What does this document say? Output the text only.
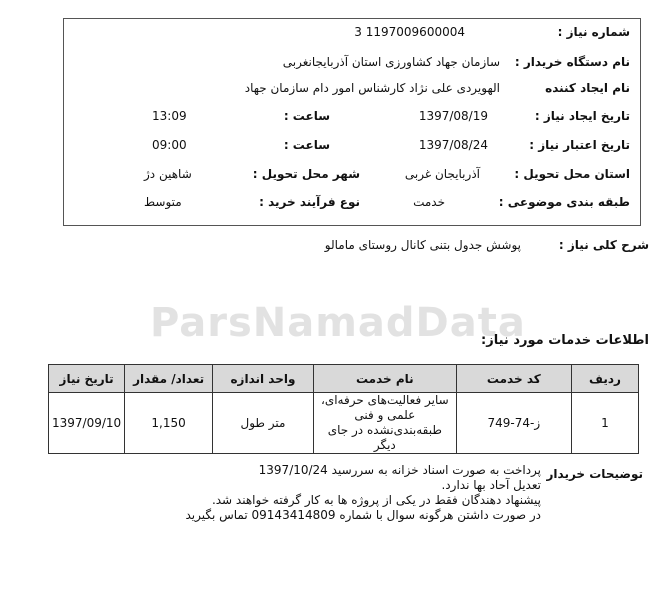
ParsNamadData
شماره نیاز :
1197009600004 3
نام دستگاه خریدار :
سازمان جهاد کشاورزی استان آذربایجانغربی
نام ایجاد کننده
الهویردی علی نژاد کارشناس امور دام سازمان جهاد
تاریخ ایجاد نیاز :
1397/08/19
ساعت :
13:09
تاریخ اعتبار نیاز :
1397/08/24
ساعت :
09:00
استان محل تحویل :
آذربایجان غربی
شهر محل تحویل :
شاهین دژ
طبقه بندی موضوعی :
خدمت
نوع فرآیند خرید :
متوسط
شرح کلی نیاز :
پوشش جدول بتنی کانال روستای مامالو
اطلاعات خدمات مورد نیاز:
ردیف	کد خدمت	نام خدمت	واحد اندازه	تعداد/ مقدار	تاریخ نیاز
1	ز-74-749	سایر فعالیت‌های حرفه‌ای،
علمی و فنی
طبقه‌بندی‌نشده در جای دیگر	متر طول	1,150	1397/09/10
توضیحات خریدار
پرداخت به صورت اسناد خزانه به سررسید 1397/10/24
تعدیل آحاد بها ندارد.
پیشنهاد دهندگان فقط در یکی از پروژه ها به کار گرفته خواهند شد.
در صورت داشتن هرگونه سوال با شماره 09143414809 تماس بگیرید
